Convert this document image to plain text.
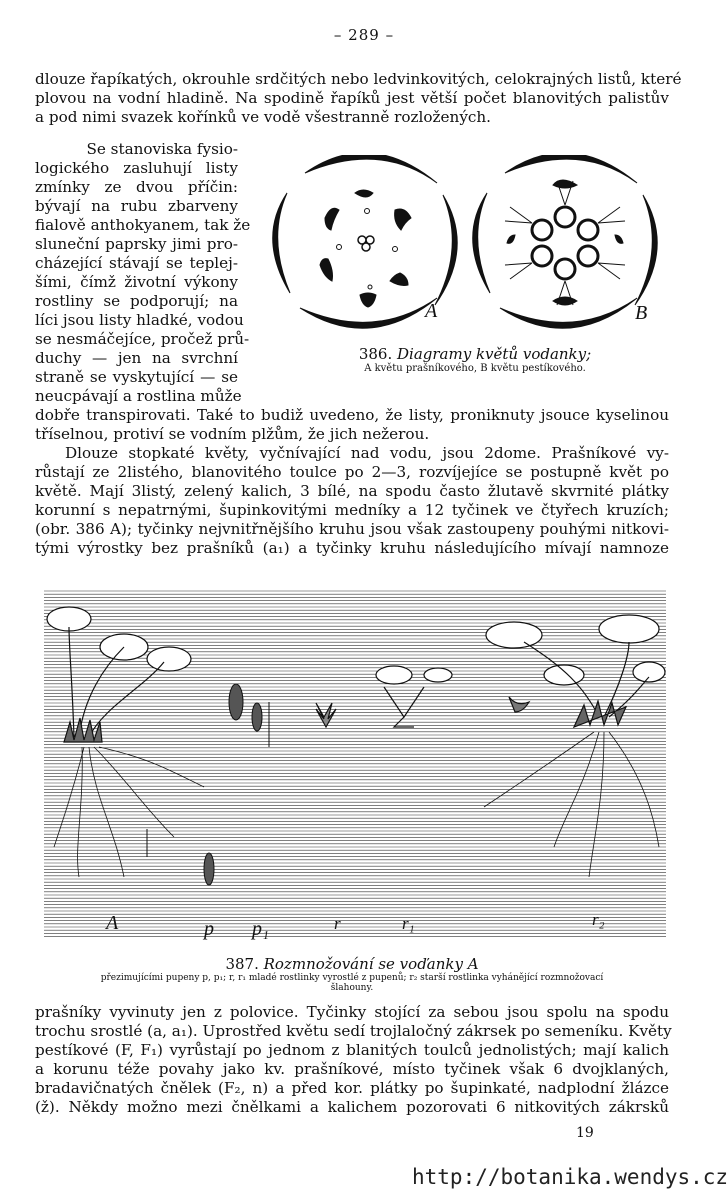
– 289 –
dlouze řapíkatých, okrouhle srdčitých nebo ledvinkovitých, celokrajných listů, které
plovou na vodní hladině. Na spodině řapíků jest větší počet blanovitých palistův
a pod nimi svazek kořínků ve vodě všestranně rozložených.
Se stanoviska fysio-
logického zasluhují listy
zmínky ze dvou příčin:
bývají na rubu zbarveny
fialově anthokyanem, tak že
sluneční paprsky jimi pro-
cházející stávají se teplej-
šími, čímž životní výkony
rostliny se podporují; na
líci jsou listy hladké, vodou
se nesmáčejíce, pročež prů-
duchy — jen na svrchní
straně se vyskytující — se
neucpávají a rostlina může
dobře transpirovati. Také to budiž uvedeno, že listy, proniknuty jsouce kyselinou
tříselnou, protiví se vodním plžům, že jich nežerou.
A	B
386. Diagramy květů vodanky;
A květu prašníkového, B květu pestíkového.
Dlouze stopkaté květy, vyčnívající nad vodu, jsou 2dome. Prašníkové vy-
růstají ze 2listého, blanovitého toulce po 2—3, rozvíjejíce se postupně květ po
květě. Mají 3listý, zelený kalich, 3 bílé, na spodu často žlutavě skvrnité plátky
korunní s nepatrnými, šupinkovitými medníky a 12 tyčinek ve čtyřech kruzích;
(obr. 386 A); tyčinky nejvnitřnějšího kruhu jsou však zastoupeny pouhými nitkovi-
tými výrostky bez prašníků (a₁) a tyčinky kruhu následujícího mívají namnoze
A	p p₁	r	r₁	r₂
387. Rozmnožování se voďanky A
přezimujícími pupeny p, p₁; r, r₁ mladé rostlinky vyrostlé z pupenů; r₂ starší rostlinka vyhánějící rozmnožovací
šlahouny.
prašníky vyvinuty jen z polovice. Tyčinky stojící za sebou jsou spolu na spodu
trochu srostlé (a, a₁). Uprostřed květu sedí trojlaločný zákrsek po semeníku. Květy
pestíkové (F, F₁) vyrůstají po jednom z blanitých toulců jednolistých; mají kalich
a korunu téže povahy jako kv. prašníkové, místo tyčinek však 6 dvojklaných,
bradavičnatých čnělek (F₂, n) a před kor. plátky po šupinkaté, nadplodní žlázce
(ž). Někdy možno mezi čnělkami a kalichem pozorovati 6 nitkovitých zákrsků
19
http://botanika.wendys.cz
